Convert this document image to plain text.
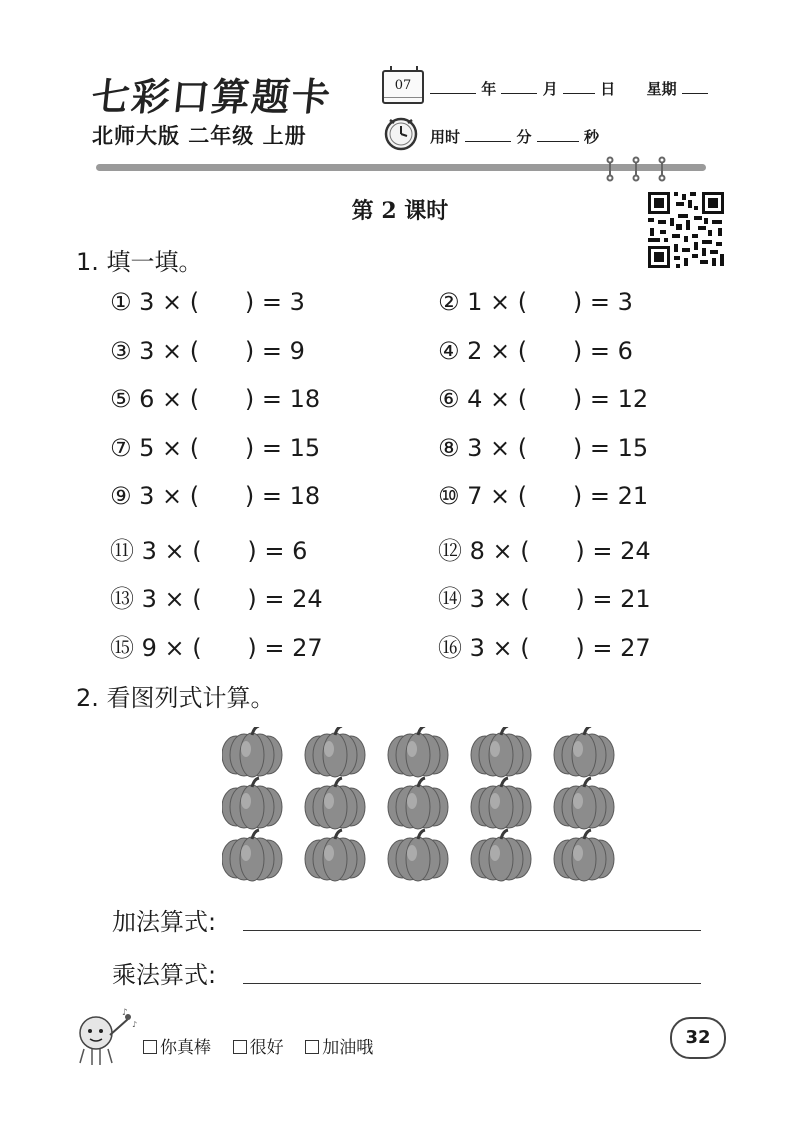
七彩口算题卡
北师大版 二年级 上册
07	年	月	日 星期
用时	分	秒
第 2 课时
1. 填一填。
① 3 × (      ) = 3	② 1 × (      ) = 3
③ 3 × (      ) = 9	④ 2 × (      ) = 6
⑤ 6 × (      ) = 18	⑥ 4 × (      ) = 12
⑦ 5 × (      ) = 15	⑧ 3 × (      ) = 15
⑨ 3 × (      ) = 18	⑩ 7 × (      ) = 21
⑪ 3 × (      ) = 6	⑫ 8 × (      ) = 24
⑬ 3 × (      ) = 24	⑭ 3 × (      ) = 21
⑮ 9 × (      ) = 27	⑯ 3 × (      ) = 27
2. 看图列式计算。
加法算式:
乘法算式:
♪
♪
你真棒 很好 加油哦	32
